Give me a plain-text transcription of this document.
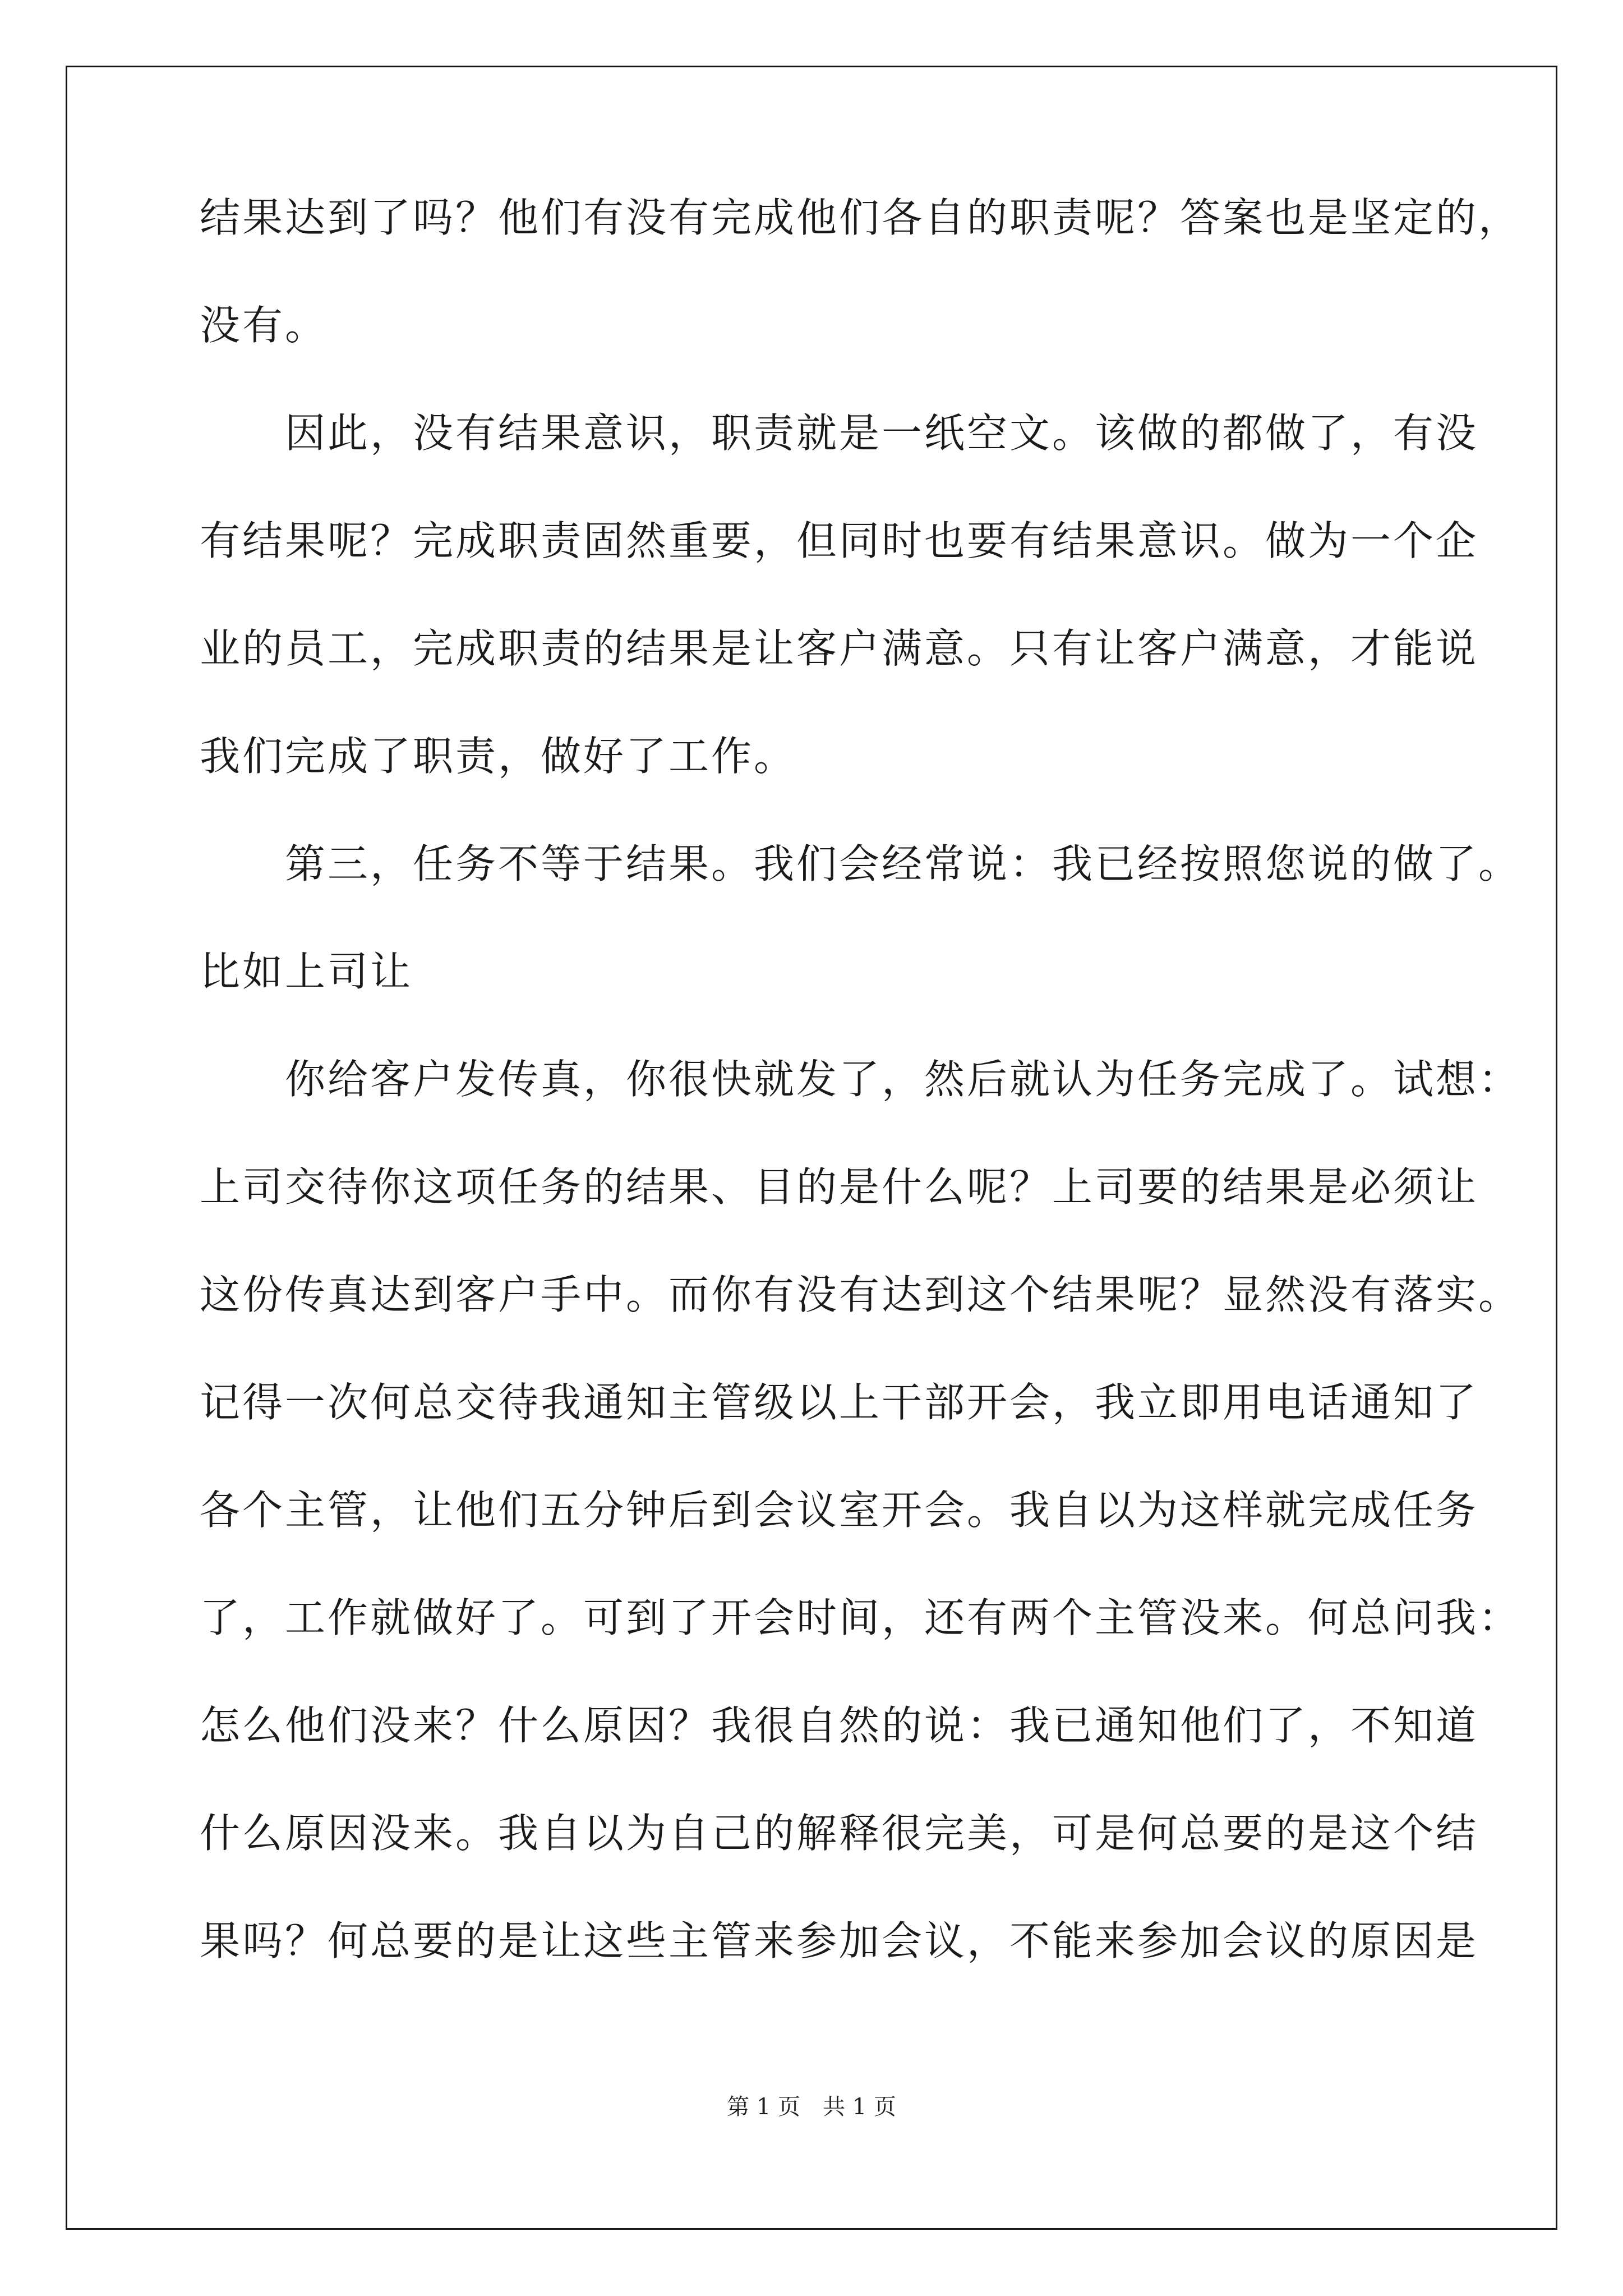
结果达到了吗？他们有没有完成他们各自的职责呢？答案也是坚定的，
没有。
因此，没有结果意识，职责就是一纸空文。该做的都做了，有没
有结果呢？完成职责固然重要，但同时也要有结果意识。做为一个企
业的员工，完成职责的结果是让客户满意。只有让客户满意，才能说
我们完成了职责，做好了工作。
第三，任务不等于结果。我们会经常说：我已经按照您说的做了。
比如上司让
你给客户发传真，你很快就发了，然后就认为任务完成了。试想：
上司交待你这项任务的结果、目的是什么呢？上司要的结果是必须让
这份传真达到客户手中。而你有没有达到这个结果呢？显然没有落实。
记得一次何总交待我通知主管级以上干部开会，我立即用电话通知了
各个主管，让他们五分钟后到会议室开会。我自以为这样就完成任务
了，工作就做好了。可到了开会时间，还有两个主管没来。何总问我：
怎么他们没来？什么原因？我很自然的说：我已通知他们了，不知道
什么原因没来。我自以为自己的解释很完美，可是何总要的是这个结
果吗？何总要的是让这些主管来参加会议，不能来参加会议的原因是
第 1 页　共 1 页
